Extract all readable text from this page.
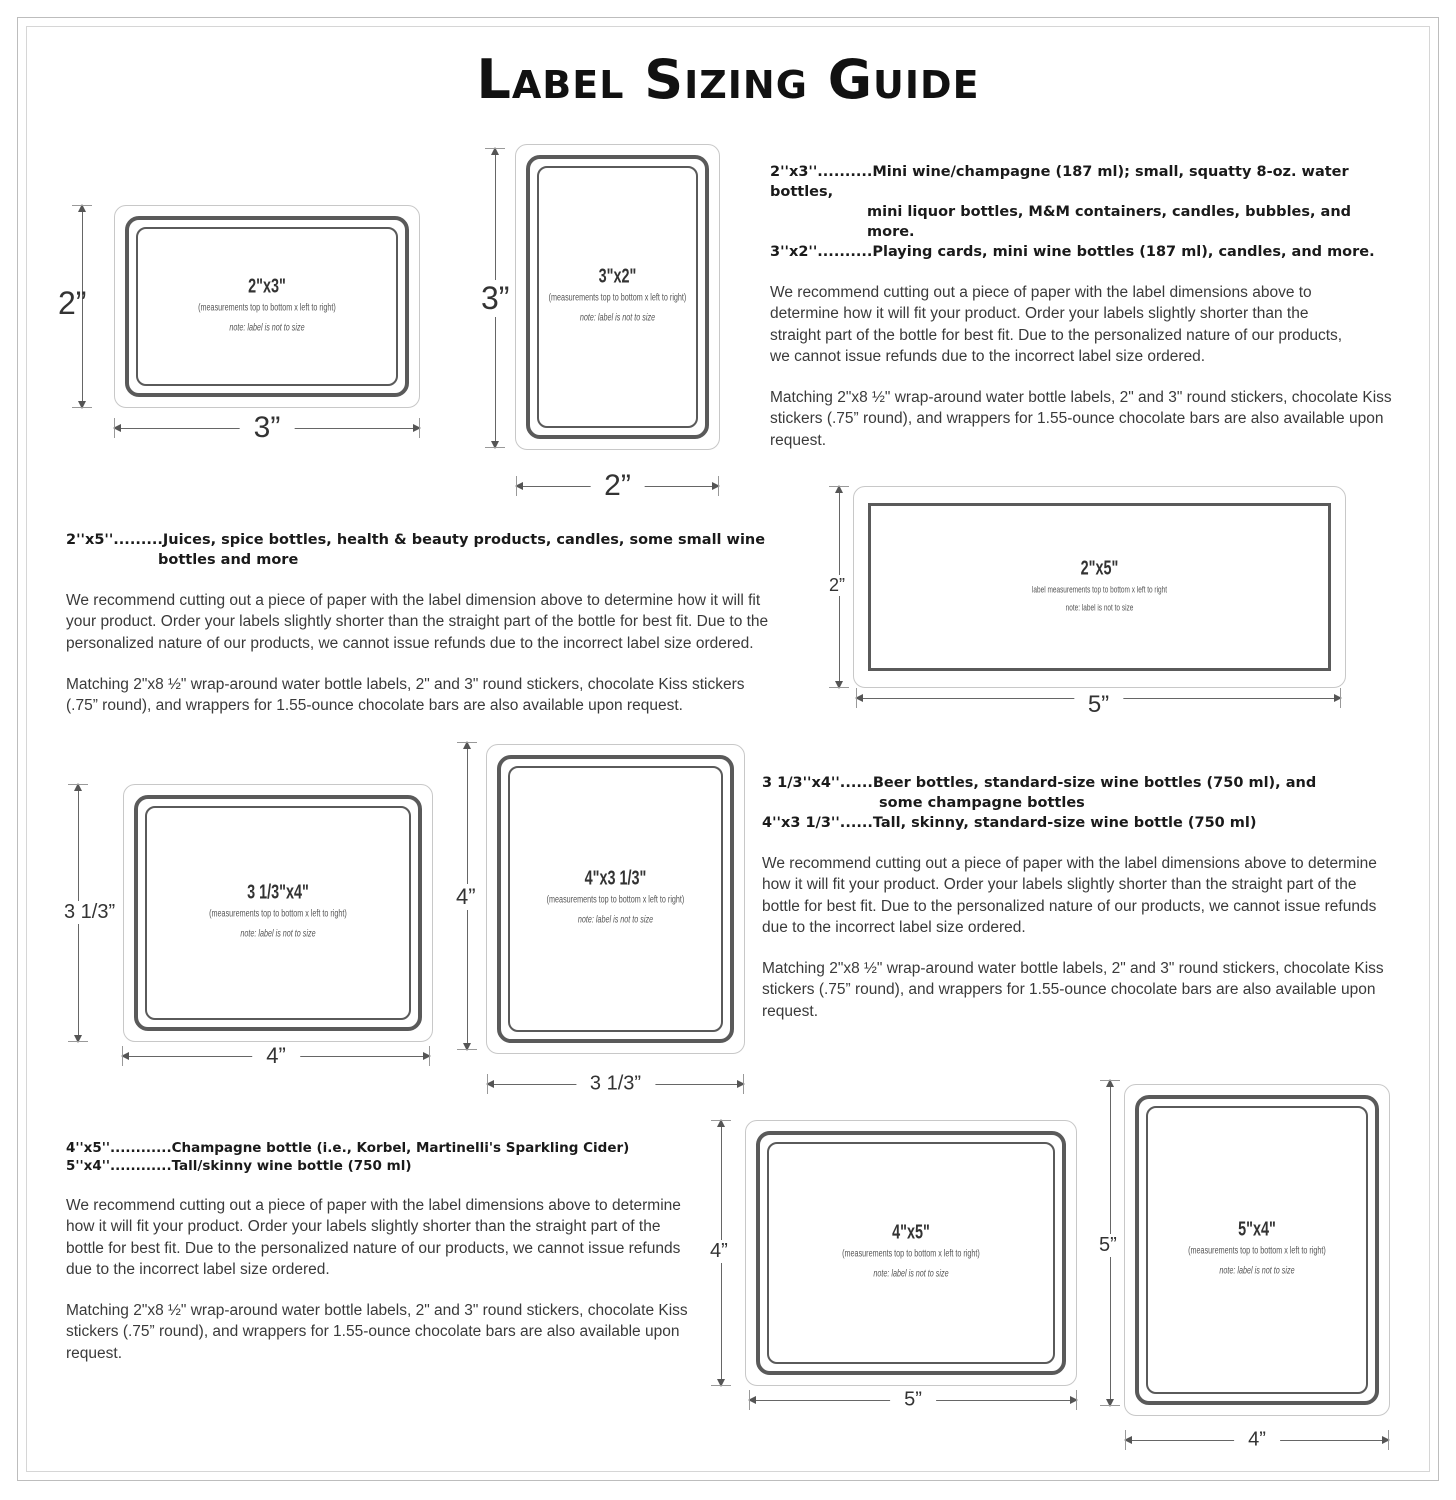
Label Sizing Guide
2"x3"
(measurements top to bottom x left to right)
note: label is not to size
2”
3”
3"x2"
(measurements top to bottom x left to right)
note: label is not to size
3”
2”
2''x3''..........Mini wine/champagne (187 ml); small, squatty 8-oz. water bottles,
mini liquor bottles, M&M containers, candles, bubbles, and more.
3''x2''..........Playing cards, mini wine bottles (187 ml), candles, and more.
We recommend cutting out a piece of paper with the label dimensions above to determine how it will fit your product. Order your labels slightly shorter than the straight part of the bottle for best fit. Due to the personalized nature of our products, we cannot issue refunds due to the incorrect label size ordered.
Matching 2"x8 ½" wrap-around water bottle labels, 2" and 3" round stickers, chocolate Kiss stickers (.75” round), and wrappers for 1.55-ounce chocolate bars are also available upon request.
2''x5''.........Juices, spice bottles, health & beauty products, candles, some small wine
bottles and more
We recommend cutting out a piece of paper with the label dimension above to determine how it will fit your product. Order your labels slightly shorter than the straight part of the bottle for best fit. Due to the personalized nature of our products, we cannot issue refunds due to the incorrect label size ordered.
Matching 2"x8 ½" wrap-around water bottle labels, 2" and 3" round stickers, chocolate Kiss stickers (.75” round), and wrappers for 1.55-ounce chocolate bars are also available upon request.
2"x5"
label measurements top to bottom x left to right
note: label is not to size
2”
5”
3 1/3"x4"
(measurements top to bottom x left to right)
note: label is not to size
3 1/3”
4”
4"x3 1/3"
(measurements top to bottom x left to right)
note: label is not to size
4”
3 1/3”
3 1/3''x4''......Beer bottles, standard-size wine bottles (750 ml), and
some champagne bottles
4''x3 1/3''......Tall, skinny, standard-size wine bottle (750 ml)
We recommend cutting out a piece of paper with the label dimensions above to determine how it will fit your product. Order your labels slightly shorter than the straight part of the bottle for best fit. Due to the personalized nature of our products, we cannot issue refunds due to the incorrect label size ordered.
Matching 2"x8 ½" wrap-around water bottle labels, 2" and 3" round stickers, chocolate Kiss stickers (.75” round), and wrappers for 1.55-ounce chocolate bars are also available upon request.
4''x5''............Champagne bottle (i.e., Korbel, Martinelli's Sparkling Cider)
5''x4''............Tall/skinny wine bottle (750 ml)
We recommend cutting out a piece of paper with the label dimensions above to determine how it will fit your product. Order your labels slightly shorter than the straight part of the bottle for best fit. Due to the personalized nature of our products, we cannot issue refunds due to the incorrect label size ordered.
Matching 2"x8 ½" wrap-around water bottle labels, 2" and 3" round stickers, chocolate Kiss stickers (.75” round), and wrappers for 1.55-ounce chocolate bars are also available upon request.
4"x5"
(measurements top to bottom x left to right)
note: label is not to size
4”
5”
5"x4"
(measurements top to bottom x left to right)
note: label is not to size
5”
4”
